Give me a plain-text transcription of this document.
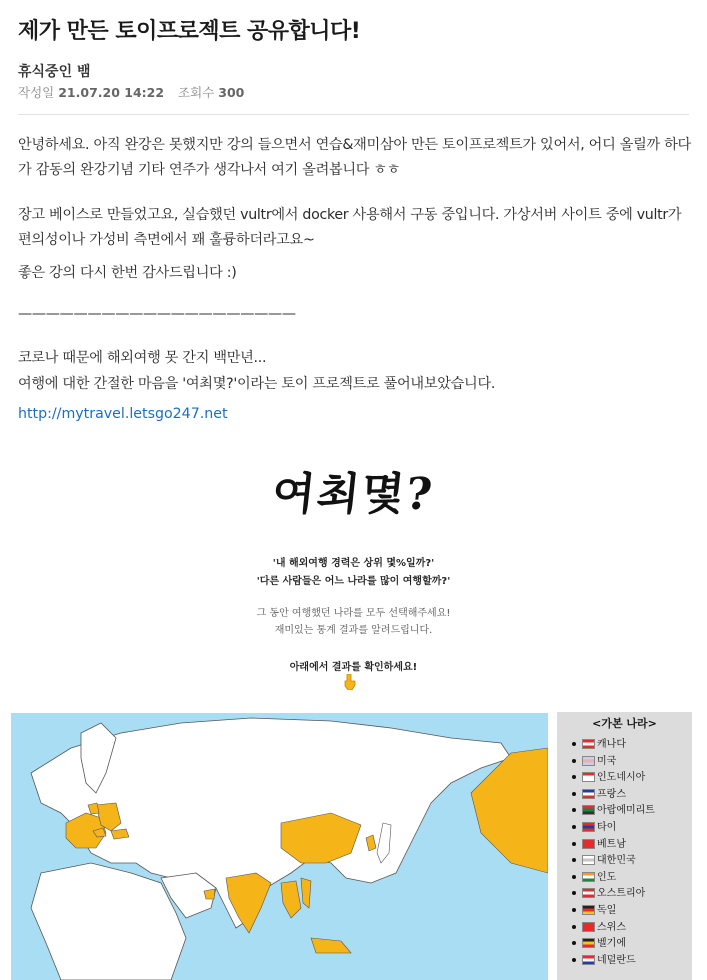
제가 만든 토이프로젝트 공유합니다!
휴식중인 뱀
작성일 21.07.20 14:22 조회수 300
안녕하세요. 아직 완강은 못했지만 강의 들으면서 연습&재미삼아 만든 토이프로젝트가 있어서, 어디 올릴까 하다가 감동의 완강기념 기타 연주가 생각나서 여기 올려봅니다 ㅎㅎ
장고 베이스로 만들었고요, 실습했던 vultr에서 docker 사용해서 구동 중입니다. 가상서버 사이트 중에 vultr가 편의성이나 가성비 측면에서 꽤 훌륭하더라고요~
좋은 강의 다시 한번 감사드립니다 :)
————————————————————
코로나 때문에 해외여행 못 간지 백만년...
여행에 대한 간절한 마음을 '여최몇?'이라는 토이 프로젝트로 풀어내보았습니다.
http://mytravel.letsgo247.net
여최몇?
'내 해외여행 경력은 상위 몇%일까?'
'다른 사람들은 어느 나라를 많이 여행할까?'
그 동안 여행했던 나라를 모두 선택해주세요!
재미있는 통계 결과를 알려드립니다.
아래에서 결과를 확인하세요!
<가본 나라>
캐나다
미국
인도네시아
프랑스
아랍에미리트
타이
베트남
대한민국
인도
오스트리아
독일
스위스
벨기에
네덜란드
